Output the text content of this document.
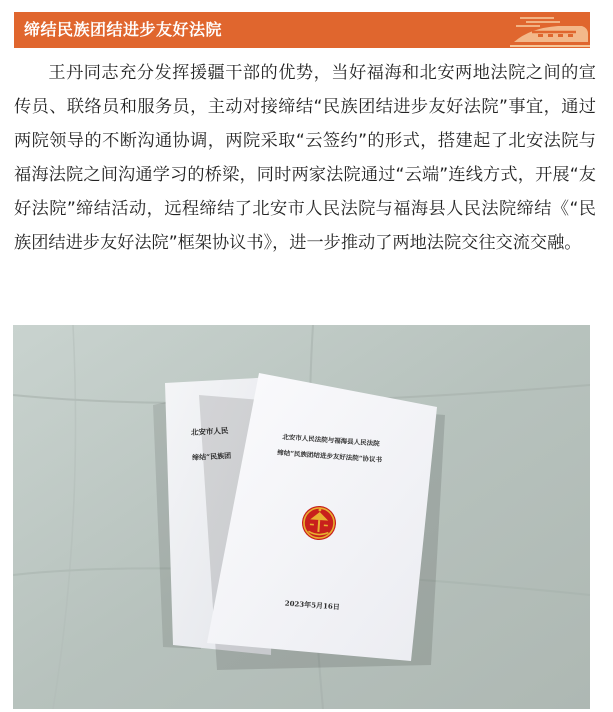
缔结民族团结进步友好法院

王丹同志充分发挥援疆干部的优势，当好福海和北安两地法院之间的宣传员、联络员和服务员，主动对接缔结“民族团结进步友好法院”事宜，通过两院领导的不断沟通协调，两院采取“云签约”的形式，搭建起了北安法院与福海法院之间沟通学习的桥梁，同时两家法院通过“云端”连线方式，开展“友好法院”缔结活动，远程缔结了北安市人民法院与福海县人民法院缔结《“民族团结进步友好法院”框架协议书》，进一步推动了两地法院交往交流交融。

北安市人民
缔结“民族团
北安市人民法院与福海县人民法院
缔结“民族团结进步友好法院”协议书
2023年5月16日
